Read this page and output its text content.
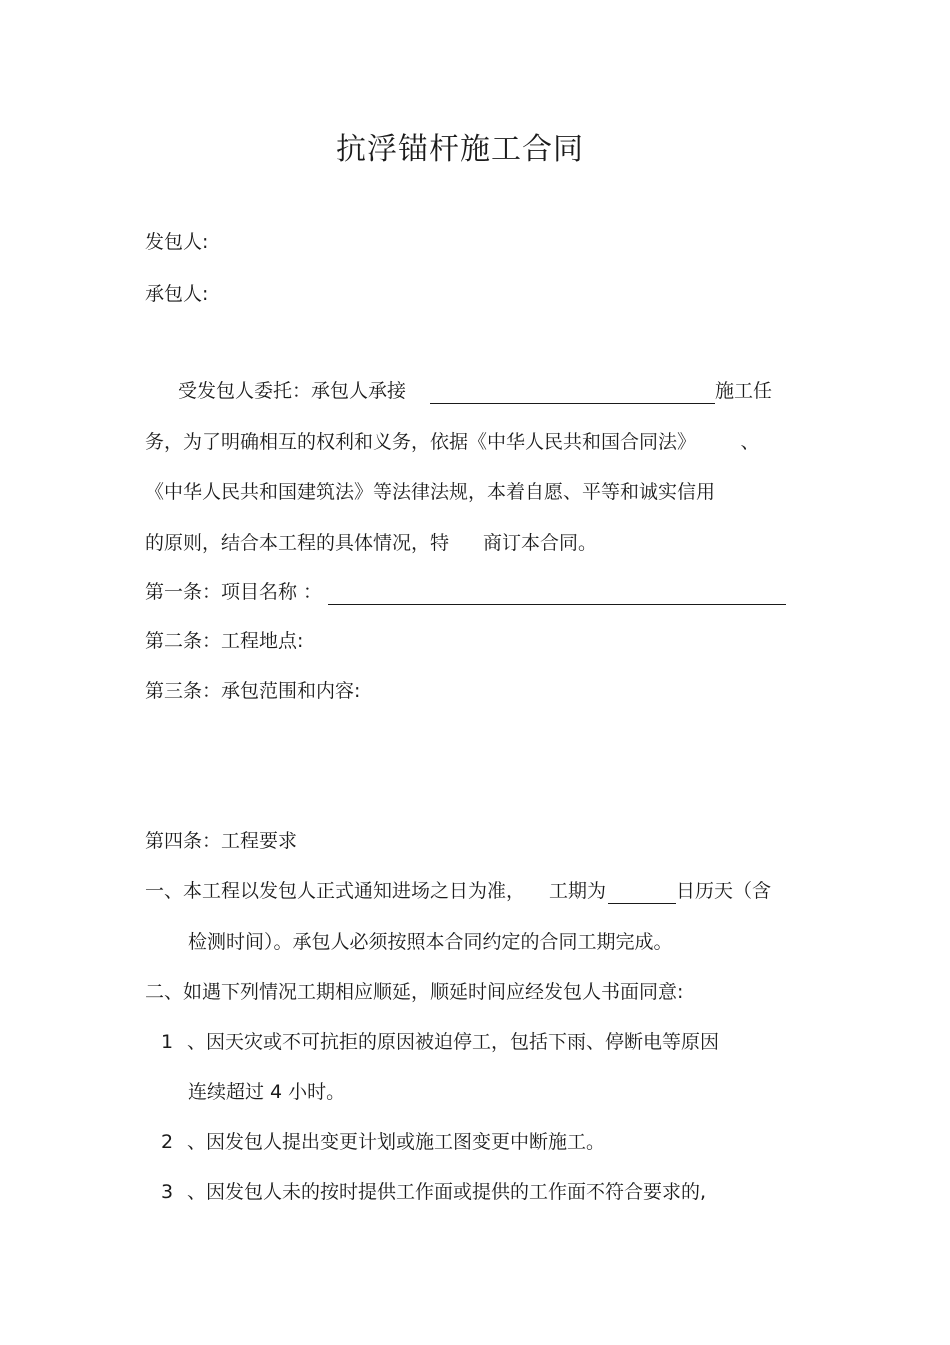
抗浮锚杆施工合同
发包人:
承包人:
受发包人委托：承包人承接	施工任
务，为了明确相互的权利和义务，依据《中华人民共和国合同法》	、
《中华人民共和国建筑法》等法律法规，本着自愿、平等和诚实信用
的原则，结合本工程的具体情况，特 商订本合同。
第一条：项目名称 ：
第二条：工程地点:
第三条：承包范围和内容:
第四条：工程要求
一、本工程以发包人正式通知进场之日为准， 工期为	日历天（含
检测时间）。承包人必须按照本合同约定的合同工期完成。
二、如遇下列情况工期相应顺延，顺延时间应经发包人书面同意:
1 、因天灾或不可抗拒的原因被迫停工，包括下雨、停断电等原因
连续超过 4 小时。
2 、因发包人提出变更计划或施工图变更中断施工。
3 、因发包人未的按时提供工作面或提供的工作面不符合要求的,
